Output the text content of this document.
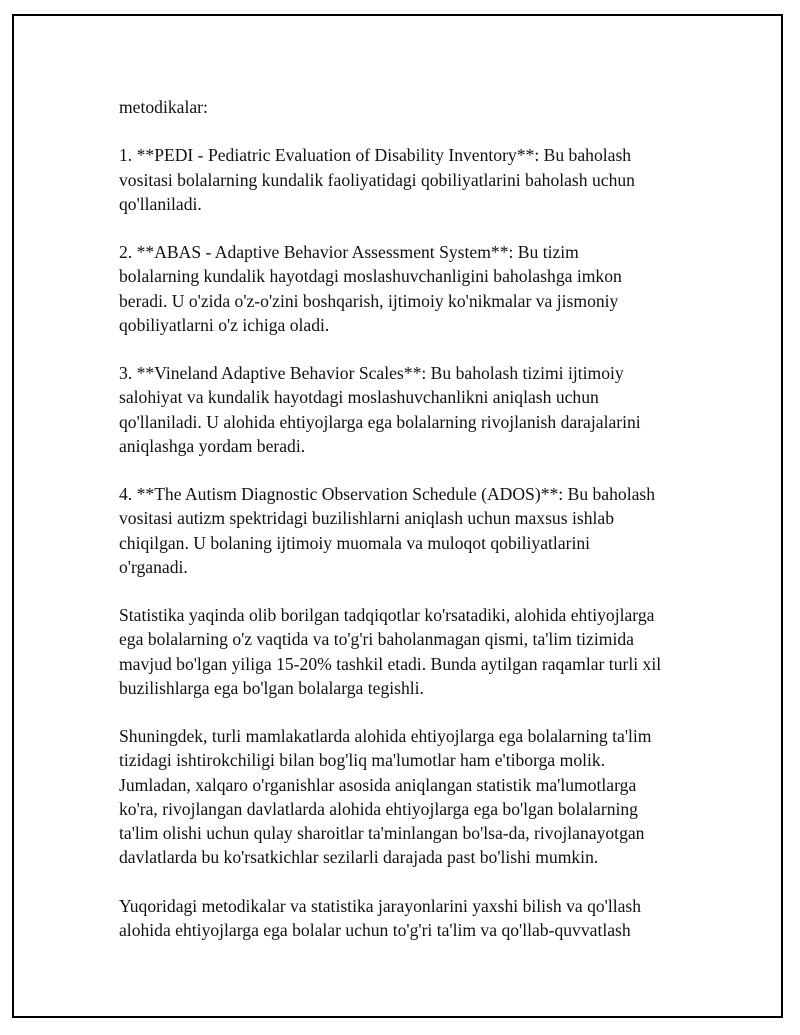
metodikalar:

1. **PEDI - Pediatric Evaluation of Disability Inventory**: Bu baholash
vositasi bolalarning kundalik faoliyatidagi qobiliyatlarini baholash uchun
qo'llaniladi.

2. **ABAS - Adaptive Behavior Assessment System**: Bu tizim
bolalarning kundalik hayotdagi moslashuvchanligini baholashga imkon
beradi. U o'zida o'z-o'zini boshqarish, ijtimoiy ko'nikmalar va jismoniy
qobiliyatlarni o'z ichiga oladi.

3. **Vineland Adaptive Behavior Scales**: Bu baholash tizimi ijtimoiy
salohiyat va kundalik hayotdagi moslashuvchanlikni aniqlash uchun
qo'llaniladi. U alohida ehtiyojlarga ega bolalarning rivojlanish darajalarini
aniqlashga yordam beradi.

4. **The Autism Diagnostic Observation Schedule (ADOS)**: Bu baholash
vositasi autizm spektridagi buzilishlarni aniqlash uchun maxsus ishlab
chiqilgan. U bolaning ijtimoiy muomala va muloqot qobiliyatlarini
o'rganadi.

Statistika yaqinda olib borilgan tadqiqotlar ko'rsatadiki, alohida ehtiyojlarga
ega bolalarning o'z vaqtida va to'g'ri baholanmagan qismi, ta'lim tizimida
mavjud bo'lgan yiliga 15-20% tashkil etadi. Bunda aytilgan raqamlar turli xil
buzilishlarga ega bo'lgan bolalarga tegishli.

Shuningdek, turli mamlakatlarda alohida ehtiyojlarga ega bolalarning ta'lim
tizidagi ishtirokchiligi bilan bog'liq ma'lumotlar ham e'tiborga molik.
Jumladan, xalqaro o'rganishlar asosida aniqlangan statistik ma'lumotlarga
ko'ra, rivojlangan davlatlarda alohida ehtiyojlarga ega bo'lgan bolalarning
ta'lim olishi uchun qulay sharoitlar ta'minlangan bo'lsa-da, rivojlanayotgan
davlatlarda bu ko'rsatkichlar sezilarli darajada past bo'lishi mumkin.

Yuqoridagi metodikalar va statistika jarayonlarini yaxshi bilish va qo'llash
alohida ehtiyojlarga ega bolalar uchun to'g'ri ta'lim va qo'llab-quvvatlash
